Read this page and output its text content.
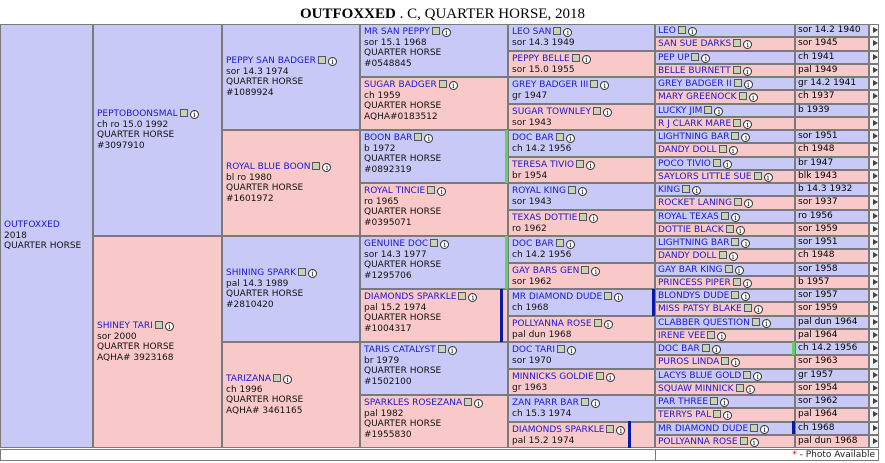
OUTFOXXED . C, QUARTER HORSE, 2018
OUTFOXXED
2018
QUARTER HORSE
PEPTOBOONSMAL i
ch ro 15.0 1992
QUARTER HORSE
#3097910
SHINEY TARI i
sor 2000
QUARTER HORSE
AQHA# 3923168
PEPPY SAN BADGER i
sor 14.3 1974
QUARTER HORSE
#1089924
ROYAL BLUE BOON i
bl ro 1980
QUARTER HORSE
#1601972
SHINING SPARK i
pal 14.3 1989
QUARTER HORSE
#2810420
TARIZANA i
ch 1996
QUARTER HORSE
AQHA# 3461165
MR SAN PEPPY i
sor 15.1 1968
QUARTER HORSE
#0548845
SUGAR BADGER i
ch 1959
QUARTER HORSE
AQHA#0183512
BOON BAR i
b 1972
QUARTER HORSE
#0892319
ROYAL TINCIE i
ro 1965
QUARTER HORSE
#0395071
GENUINE DOC i
sor 14.3 1977
QUARTER HORSE
#1295706
DIAMONDS SPARKLE i
pal 15.2 1974
QUARTER HORSE
#1004317
TARIS CATALYST i
br 1979
QUARTER HORSE
#1502100
SPARKLES ROSEZANA i
pal 1982
QUARTER HORSE
#1955830
LEO SAN i
sor 14.3 1949
PEPPY BELLE i
sor 15.0 1955
GREY BADGER III i
gr 1947
SUGAR TOWNLEY i
sor 1943
DOC BAR i
ch 14.2 1956
TERESA TIVIO i
br 1954
ROYAL KING i
sor 1943
TEXAS DOTTIE i
ro 1962
DOC BAR i
ch 14.2 1956
GAY BARS GEN i
sor 1962
MR DIAMOND DUDE i
ch 1968
POLLYANNA ROSE i
pal dun 1968
DOC TARI i
sor 1970
MINNICKS GOLDIE i
gr 1963
ZAN PARR BAR i
ch 15.3 1974
DIAMONDS SPARKLE i
pal 15.2 1974
LEO i	sor 14.2 1940
SAN SUE DARKS i	sor 1945
PEP UP i	ch 1941
BELLE BURNETT i	pal 1949
GREY BADGER II i	gr 14.2 1941
MARY GREENOCK i	ch 1937
LUCKY JIM i	b 1939
R J CLARK MARE i
LIGHTNING BAR i	sor 1951
DANDY DOLL i	ch 1948
POCO TIVIO i	br 1947
SAYLORS LITTLE SUE i	blk 1943
KING i	b 14.3 1932
ROCKET LANING i	sor 1937
ROYAL TEXAS i	ro 1956
DOTTIE BLACK i	sor 1959
LIGHTNING BAR i	sor 1951
DANDY DOLL i	ch 1948
GAY BAR KING i	sor 1958
PRINCESS PIPER i	b 1957
BLONDYS DUDE i	sor 1957
MISS PATSY BLAKE i	sor 1959
CLABBER QUESTION i	pal dun 1964
IRENE VEE i	pal 1964
DOC BAR i	ch 14.2 1956
PUROS LINDA i	sor 1963
LACYS BLUE GOLD i	gr 1957
SQUAW MINNICK i	sor 1954
PAR THREE i	sor 1962
TERRYS PAL i	pal 1964
MR DIAMOND DUDE i	ch 1968
POLLYANNA ROSE i	pal dun 1968
* - Photo Available
